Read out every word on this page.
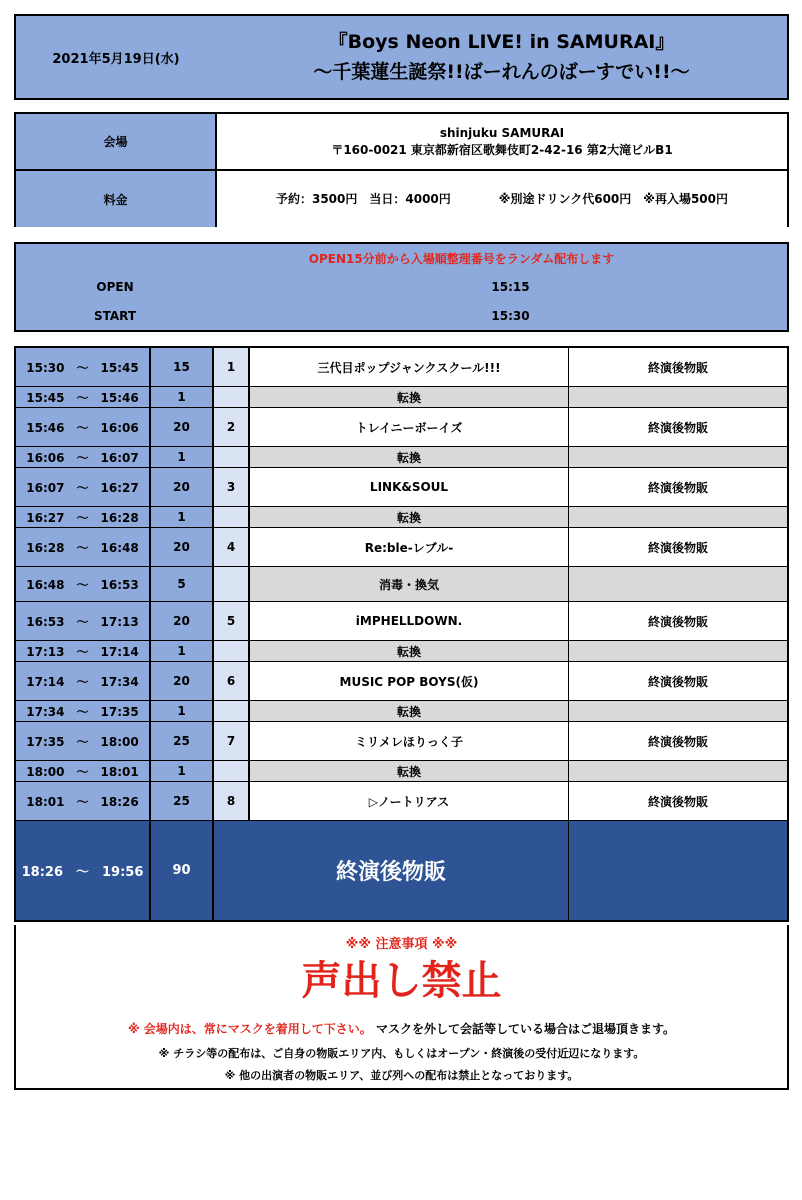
2021年5月19日(水)
『Boys Neon LIVE! in SAMURAI』
〜千葉蓮生誕祭!!ばーれんのばーすでい!!〜
会場
shinjuku SAMURAI
〒160-0021 東京都新宿区歌舞伎町2-42-16 第2大滝ビルB1
料金	予約：3500円　当日：4000円	※別途ドリンク代600円　※再入場500円
OPEN15分前から入場順整理番号をランダム配布します
OPEN	15:15
START	15:30
15:30　〜　15:45	15	1	三代目ポップジャンクスクール!!!	終演後物販
15:45　〜　15:46	1	転換
15:46　〜　16:06	20	2	トレイニーボーイズ	終演後物販
16:06　〜　16:07	1	転換
16:07　〜　16:27	20	3	LINK&SOUL	終演後物販
16:27　〜　16:28	1	転換
16:28　〜　16:48	20	4	Re:ble-レブル-	終演後物販
16:48　〜　16:53	5	消毒・換気
16:53　〜　17:13	20	5	iMPHELLDOWN.	終演後物販
17:13　〜　17:14	1	転換
17:14　〜　17:34	20	6	MUSIC POP BOYS(仮)	終演後物販
17:34　〜　17:35	1	転換
17:35　〜　18:00	25	7	ミリメレほりっく子	終演後物販
18:00　〜　18:01	1	転換
18:01　〜　18:26	25	8	▷ノートリアス	終演後物販
18:26　〜　19:56	90	終演後物販
※※ 注意事項 ※※
声出し禁止
※ 会場内は、常にマスクを着用して下さい。 マスクを外して会話等している場合はご退場頂きます。
※ チラシ等の配布は、ご自身の物販エリア内、もしくはオープン・終演後の受付近辺になります。
※ 他の出演者の物販エリア、並び列への配布は禁止となっております。
